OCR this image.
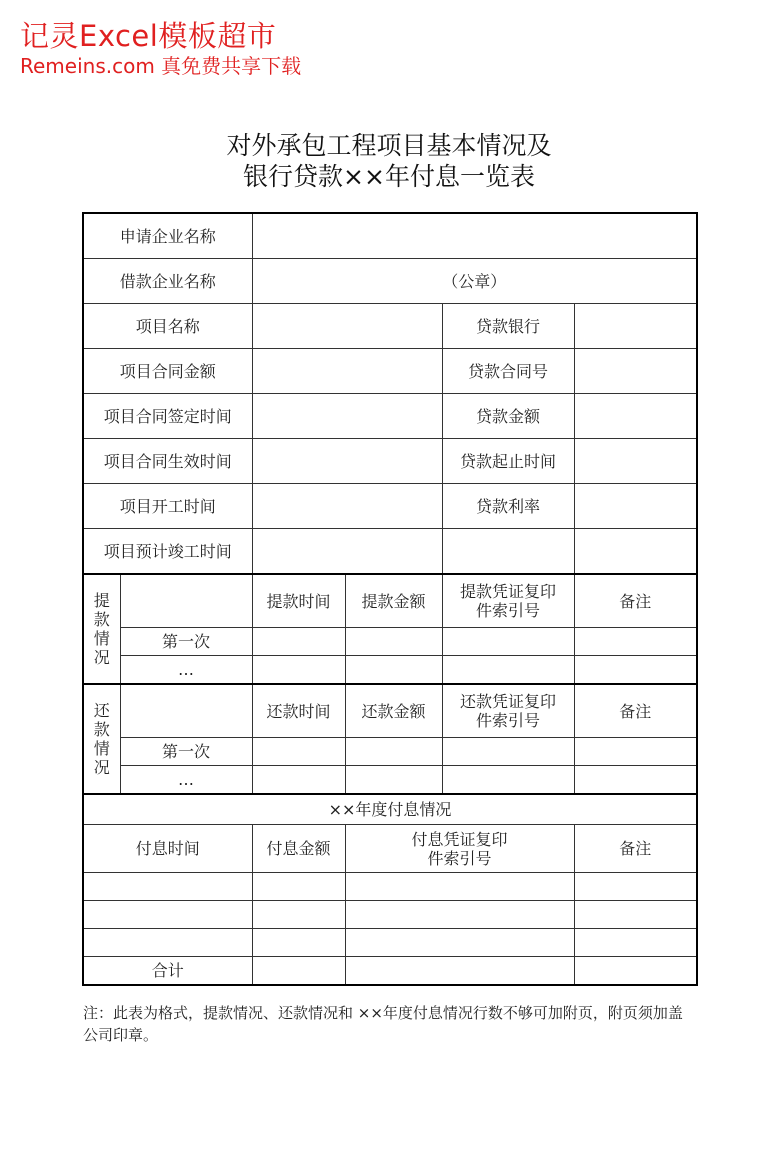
记灵Excel模板超市
Remeins.com 真免费共享下载
对外承包工程项目基本情况及
银行贷款××年付息一览表
申请企业名称					
借款企业名称		（公章）			
项目名称				贷款银行	
项目合同金额				贷款合同号	
项目合同签定时间				贷款金额	
项目合同生效时间				贷款起止时间	
项目开工时间				贷款利率	
项目预计竣工时间					
提款情况		提款时间	提款金额	提款凭证复印件索引号	备注
	第一次				
	…				
还款情况		还款时间	还款金额	还款凭证复印件索引号	备注
	第一次				
	…				
××年度付息情况					
付息时间		付息金额	付息凭证复印件索引号		备注

合计					
注：此表为格式，提款情况、还款情况和 ××年度付息情况行数不够可加附页，附页须加盖公司印章。
